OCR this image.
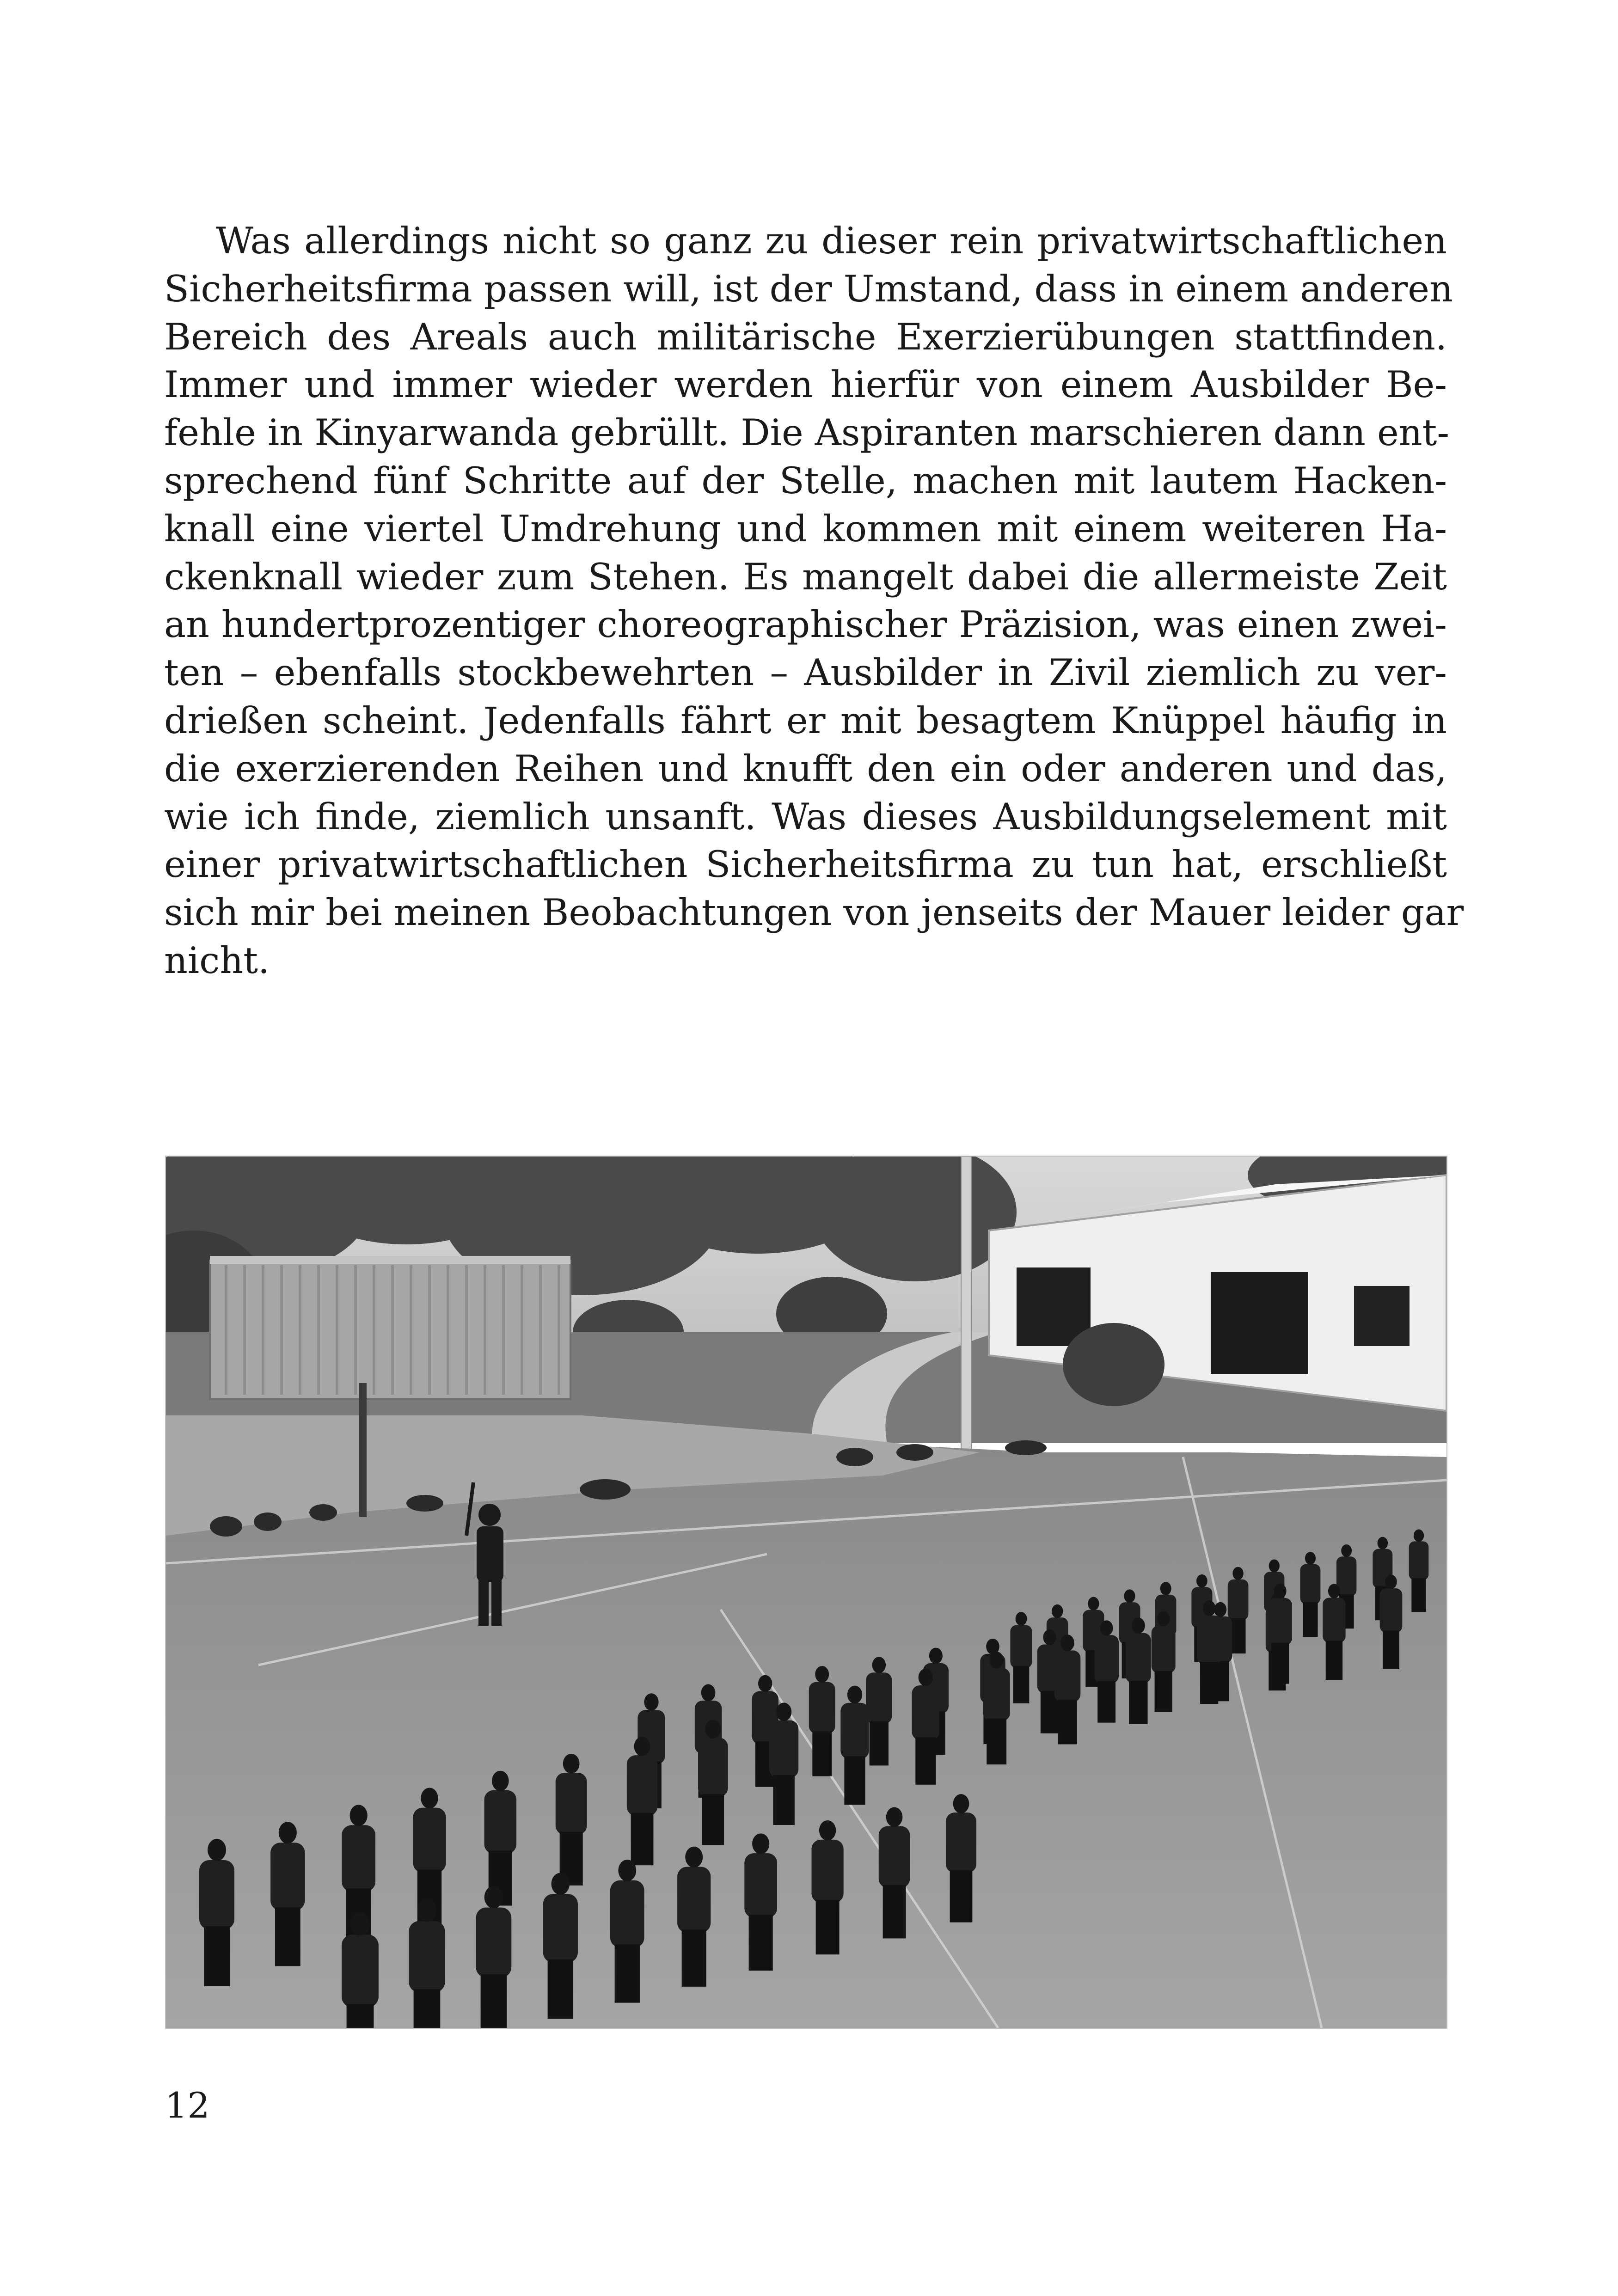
Was allerdings nicht so ganz zu dieser rein privatwirtschaftlichen
Sicherheitsfirma passen will, ist der Umstand, dass in einem anderen
Bereich des Areals auch militärische Exerzierübungen stattfinden.
Immer und immer wieder werden hierfür von einem Ausbilder Be-
fehle in Kinyarwanda gebrüllt. Die Aspiranten marschieren dann ent-
sprechend fünf Schritte auf der Stelle, machen mit lautem Hacken-
knall eine viertel Umdrehung und kommen mit einem weiteren Ha-
ckenknall wieder zum Stehen. Es mangelt dabei die allermeiste Zeit
an hundertprozentiger choreographischer Präzision, was einen zwei-
ten – ebenfalls stockbewehrten – Ausbilder in Zivil ziemlich zu ver-
drießen scheint. Jedenfalls fährt er mit besagtem Knüppel häufig in
die exerzierenden Reihen und knufft den ein oder anderen und das,
wie ich finde, ziemlich unsanft. Was dieses Ausbildungselement mit
einer privatwirtschaftlichen Sicherheitsfirma zu tun hat, erschließt
sich mir bei meinen Beobachtungen von jenseits der Mauer leider gar
nicht.
12
